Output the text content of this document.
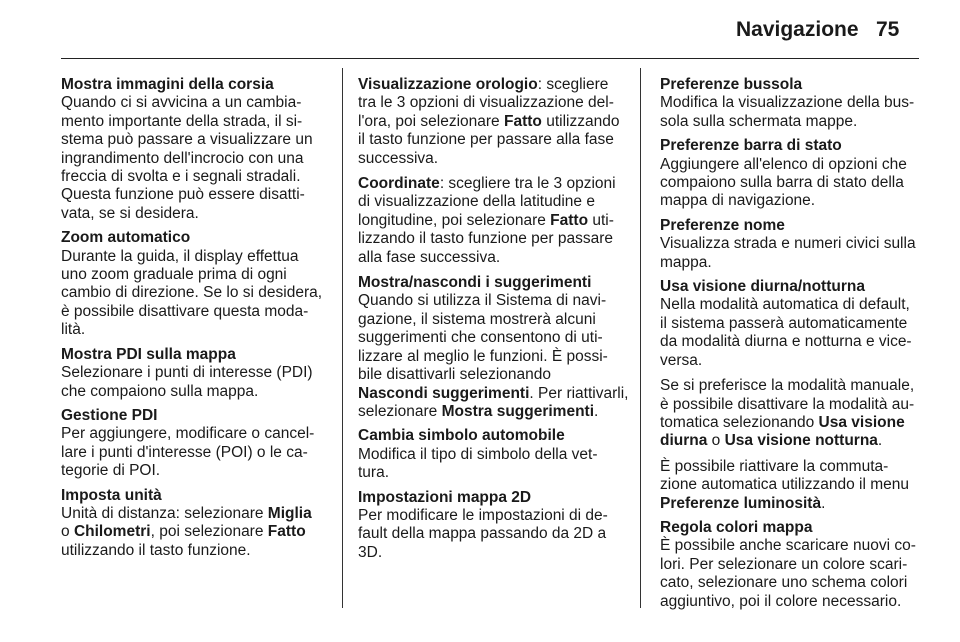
Navigazione 75
Mostra immagini della corsia
Quando ci si avvicina a un cambia-
mento importante della strada, il si-
stema può passare a visualizzare un
ingrandimento dell'incrocio con una
freccia di svolta e i segnali stradali.
Questa funzione può essere disatti-
vata, se si desidera.
Zoom automatico
Durante la guida, il display effettua
uno zoom graduale prima di ogni
cambio di direzione. Se lo si desidera,
è possibile disattivare questa moda-
lità.
Mostra PDI sulla mappa
Selezionare i punti di interesse (PDI)
che compaiono sulla mappa.
Gestione PDI
Per aggiungere, modificare o cancel-
lare i punti d'interesse (POI) o le ca-
tegorie di POI.
Imposta unità
Unità di distanza: selezionare Miglia
o Chilometri, poi selezionare Fatto
utilizzando il tasto funzione.
Visualizzazione orologio: scegliere
tra le 3 opzioni di visualizzazione del-
l'ora, poi selezionare Fatto utilizzando
il tasto funzione per passare alla fase
successiva.
Coordinate: scegliere tra le 3 opzioni
di visualizzazione della latitudine e
longitudine, poi selezionare Fatto uti-
lizzando il tasto funzione per passare
alla fase successiva.
Mostra/nascondi i suggerimenti
Quando si utilizza il Sistema di navi-
gazione, il sistema mostrerà alcuni
suggerimenti che consentono di uti-
lizzare al meglio le funzioni. È possi-
bile disattivarli selezionando
Nascondi suggerimenti. Per riattivarli,
selezionare Mostra suggerimenti.
Cambia simbolo automobile
Modifica il tipo di simbolo della vet-
tura.
Impostazioni mappa 2D
Per modificare le impostazioni di de-
fault della mappa passando da 2D a
3D.
Preferenze bussola
Modifica la visualizzazione della bus-
sola sulla schermata mappe.
Preferenze barra di stato
Aggiungere all'elenco di opzioni che
compaiono sulla barra di stato della
mappa di navigazione.
Preferenze nome
Visualizza strada e numeri civici sulla
mappa.
Usa visione diurna/notturna
Nella modalità automatica di default,
il sistema passerà automaticamente
da modalità diurna e notturna e vice-
versa.
Se si preferisce la modalità manuale,
è possibile disattivare la modalità au-
tomatica selezionando Usa visione
diurna o Usa visione notturna.
È possibile riattivare la commuta-
zione automatica utilizzando il menu
Preferenze luminosità.
Regola colori mappa
È possibile anche scaricare nuovi co-
lori. Per selezionare un colore scari-
cato, selezionare uno schema colori
aggiuntivo, poi il colore necessario.
